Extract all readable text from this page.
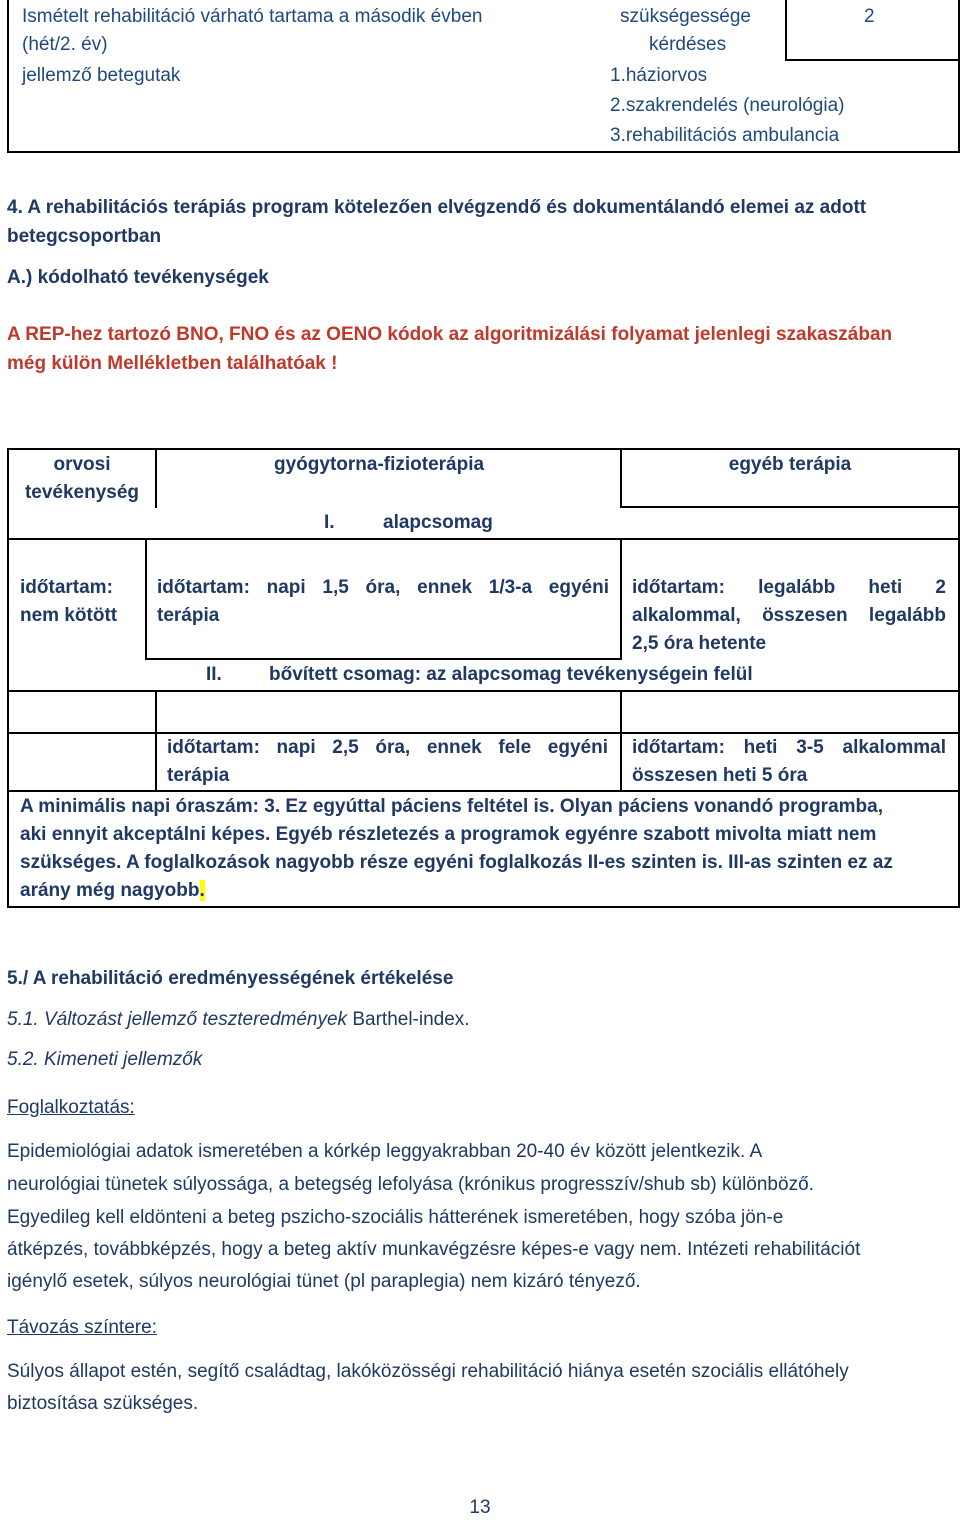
Ismételt rehabilitáció várható tartama a második évben
(hét/2. év)
jellemző betegutak
szükségessége
kérdéses
1.háziorvos
2.szakrendelés (neurológia)
3.rehabilitációs ambulancia
2
4. A rehabilitációs terápiás program kötelezően elvégzendő és dokumentálandó elemei az adott
betegcsoportban
A.) kódolható tevékenységek
A REP-hez tartozó BNO, FNO és az OENO kódok az algoritmizálási folyamat jelenlegi szakaszában
még külön Mellékletben találhatóak !
orvosi
tevékenység
gyógytorna-fizioterápia	egyéb terápia
I.	alapcsomag
időtartam:
nem kötött
időtartam: napi 1,5 óra, ennek 1/3-a egyéni
terápia
időtartam: legalább heti 2
alkalommal, összesen legalább
2,5 óra hetente
II. bővített csomag: az alapcsomag tevékenységein felül
időtartam: napi 2,5 óra, ennek fele egyéni
terápia
időtartam: heti 3-5 alkalommal
összesen heti 5 óra
A minimális napi óraszám: 3. Ez egyúttal páciens feltétel is. Olyan páciens vonandó programba,
aki ennyit akceptálni képes. Egyéb részletezés a programok egyénre szabott mivolta miatt nem
szükséges. A foglalkozások nagyobb része egyéni foglalkozás II-es szinten is. III-as szinten ez az
arány még nagyobb.
5./ A rehabilitáció eredményességének értékelése
5.1. Változást jellemző teszteredmények Barthel-index.
5.2. Kimeneti jellemzők
Foglalkoztatás:
Epidemiológiai adatok ismeretében a kórkép leggyakrabban 20-40 év között jelentkezik. A
neurológiai tünetek súlyossága, a betegség lefolyása (krónikus progresszív/shub sb) különböző.
Egyedileg kell eldönteni a beteg pszicho-szociális hátterének ismeretében, hogy szóba jön-e
átképzés, továbbképzés, hogy a beteg aktív munkavégzésre képes-e vagy nem. Intézeti rehabilitációt
igénylő esetek, súlyos neurológiai tünet (pl paraplegia) nem kizáró tényező.
Távozás színtere:
Súlyos állapot estén, segítő családtag, lakóközösségi rehabilitáció hiánya esetén szociális ellátóhely
biztosítása szükséges.
13
